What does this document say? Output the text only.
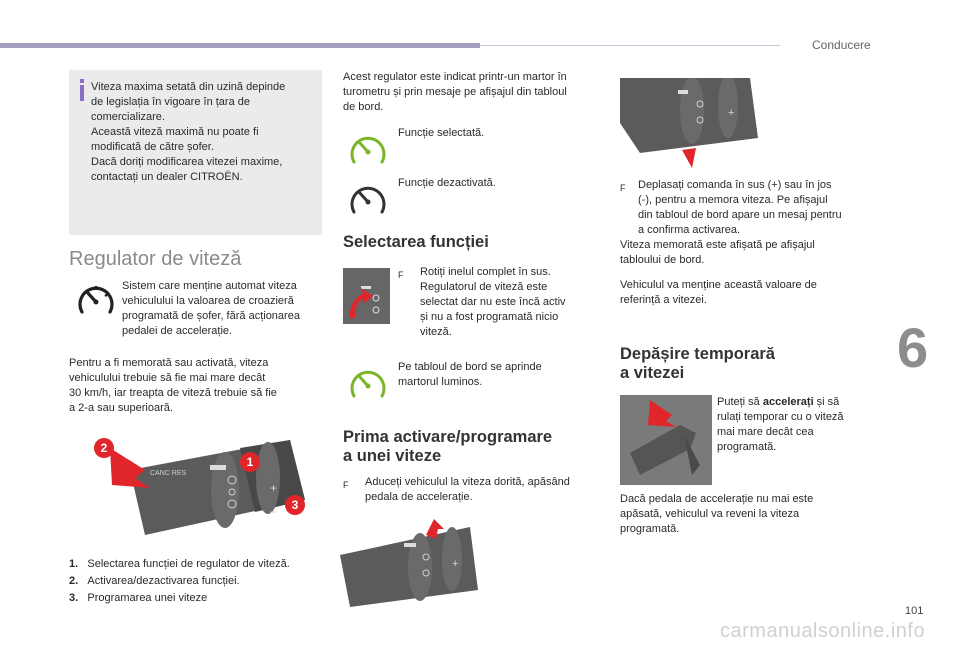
Conducere
6
Viteza maxima setată din uzină depinde
de legislația în vigoare în țara de
comercializare.
Această viteză maximă nu poate fi
modificată de către șofer.
Dacă doriți modificarea vitezei maxime,
contactați un dealer CITROËN.
Regulator de viteză
Sistem care menține automat viteza
vehiculului la valoarea de croazieră
programată de șofer, fără acționarea
pedalei de accelerație.
Pentru a fi memorată sau activată, viteza
vehiculului trebuie să fie mai mare decât
30 km/h, iar treapta de viteză trebuie să fie
a 2-a sau superioară.
CANC RES
+
–
2
1
3
1. Selectarea funcției de regulator de viteză.
2. Activarea/dezactivarea funcției.
3. Programarea unei viteze
Acest regulator este indicat printr-un martor în
turometru și prin mesaje pe afișajul din tabloul
de bord.
Funcție selectată.
Funcție dezactivată.
Selectarea funcției
F Rotiți inelul complet în sus.
Regulatorul de viteză este
selectat dar nu este încă activ
și nu a fost programată nicio
viteză.
Pe tabloul de bord se aprinde
martorul luminos.
Prima activare/programare
a unei viteze
F Aduceți vehiculul la viteza dorită, apăsând
pedala de accelerație.
+
+
F Deplasați comanda în sus (+) sau în jos
(-), pentru a memora viteza. Pe afișajul
din tabloul de bord apare un mesaj pentru
a confirma activarea.
Viteza memorată este afișată pe afișajul
tabloului de bord.
Vehiculul va menține această valoare de
referință a vitezei.
Depășire temporară
a vitezei
Puteți să accelerați și să
rulați temporar cu o viteză
mai mare decât cea
programată.
Dacă pedala de accelerație nu mai este
apăsată, vehiculul va reveni la viteza
programată.
101
carmanualsonline.info
